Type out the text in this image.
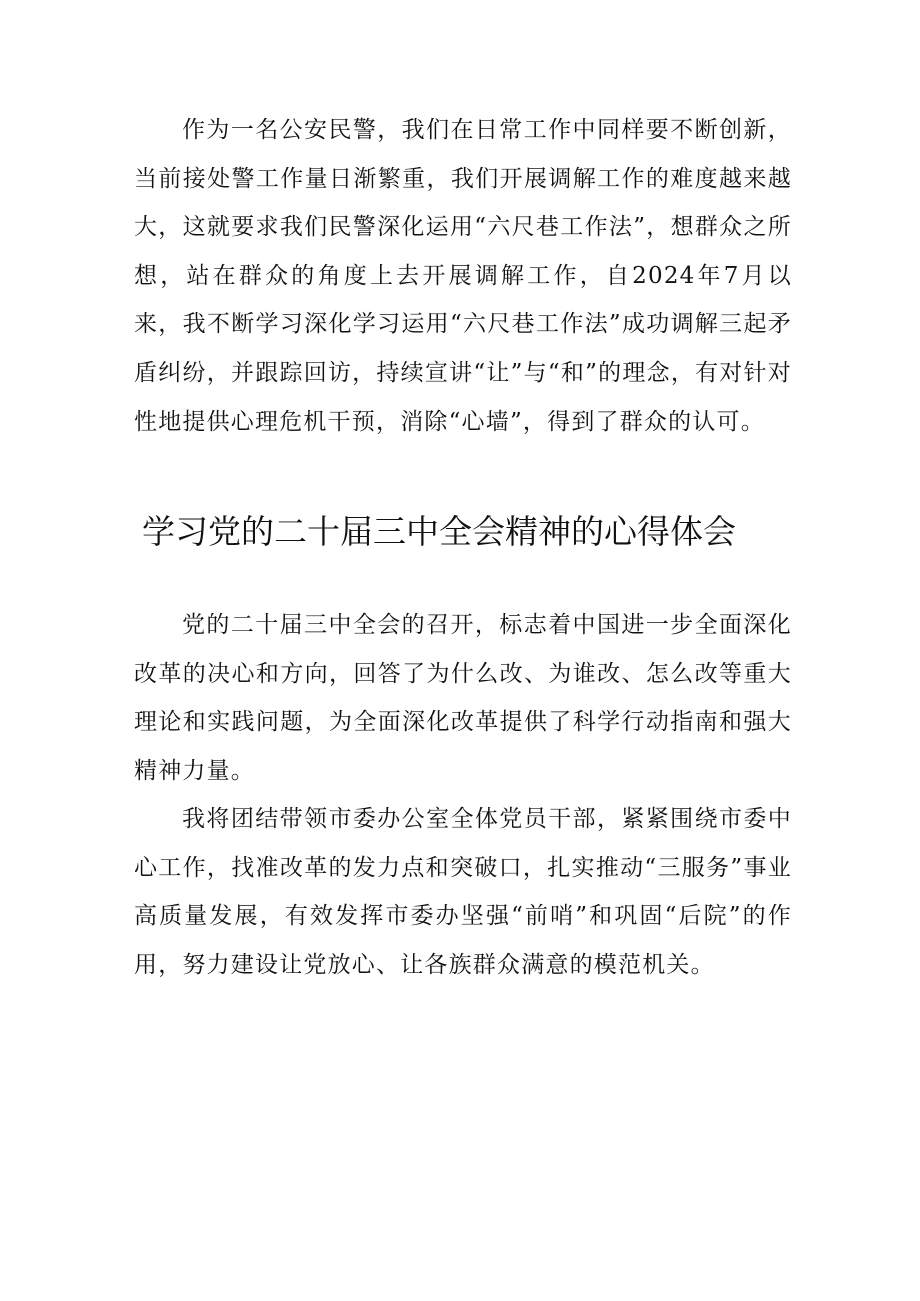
作为一名公安民警，我们在日常工作中同样要不断创新，当前接处警工作量日渐繁重，我们开展调解工作的难度越来越大，这就要求我们民警深化运用“六尺巷工作法”，想群众之所想，站在群众的角度上去开展调解工作，自2024年7月以来，我不断学习深化学习运用“六尺巷工作法”成功调解三起矛盾纠纷，并跟踪回访，持续宣讲“让”与“和”的理念，有对针对性地提供心理危机干预，消除“心墙”，得到了群众的认可。

学习党的二十届三中全会精神的心得体会

党的二十届三中全会的召开，标志着中国进一步全面深化改革的决心和方向，回答了为什么改、为谁改、怎么改等重大理论和实践问题，为全面深化改革提供了科学行动指南和强大精神力量。

我将团结带领市委办公室全体党员干部，紧紧围绕市委中心工作，找准改革的发力点和突破口，扎实推动“三服务”事业高质量发展，有效发挥市委办坚强“前哨”和巩固“后院”的作用，努力建设让党放心、让各族群众满意的模范机关。
